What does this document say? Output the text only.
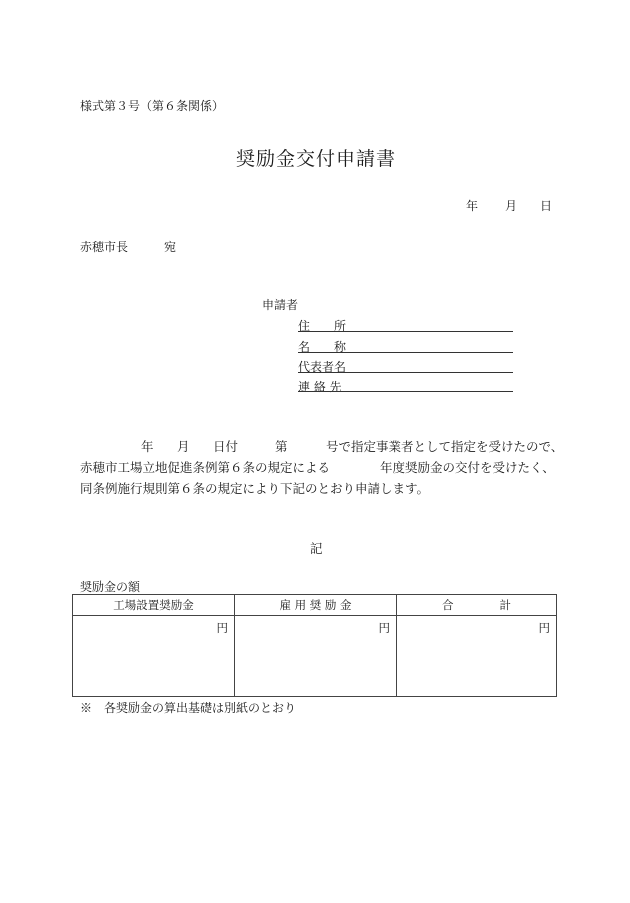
様式第３号（第６条関係）
奨励金交付申請書
年 月 日
赤穂市長	宛
申請者
住　　所
名　　称
代表者名
連 絡 先
年 月 日付	第	号で指定事業者として指定を受けたので、
赤穂市工場立地促進条例第６条の規定による	年度奨励金の交付を受けたく、
同条例施行規則第６条の規定により下記のとおり申請します。
記
奨励金の額
工場設置奨励金	雇 用 奨 励 金	合　　　　計
円	円	円
※　各奨励金の算出基礎は別紙のとおり
